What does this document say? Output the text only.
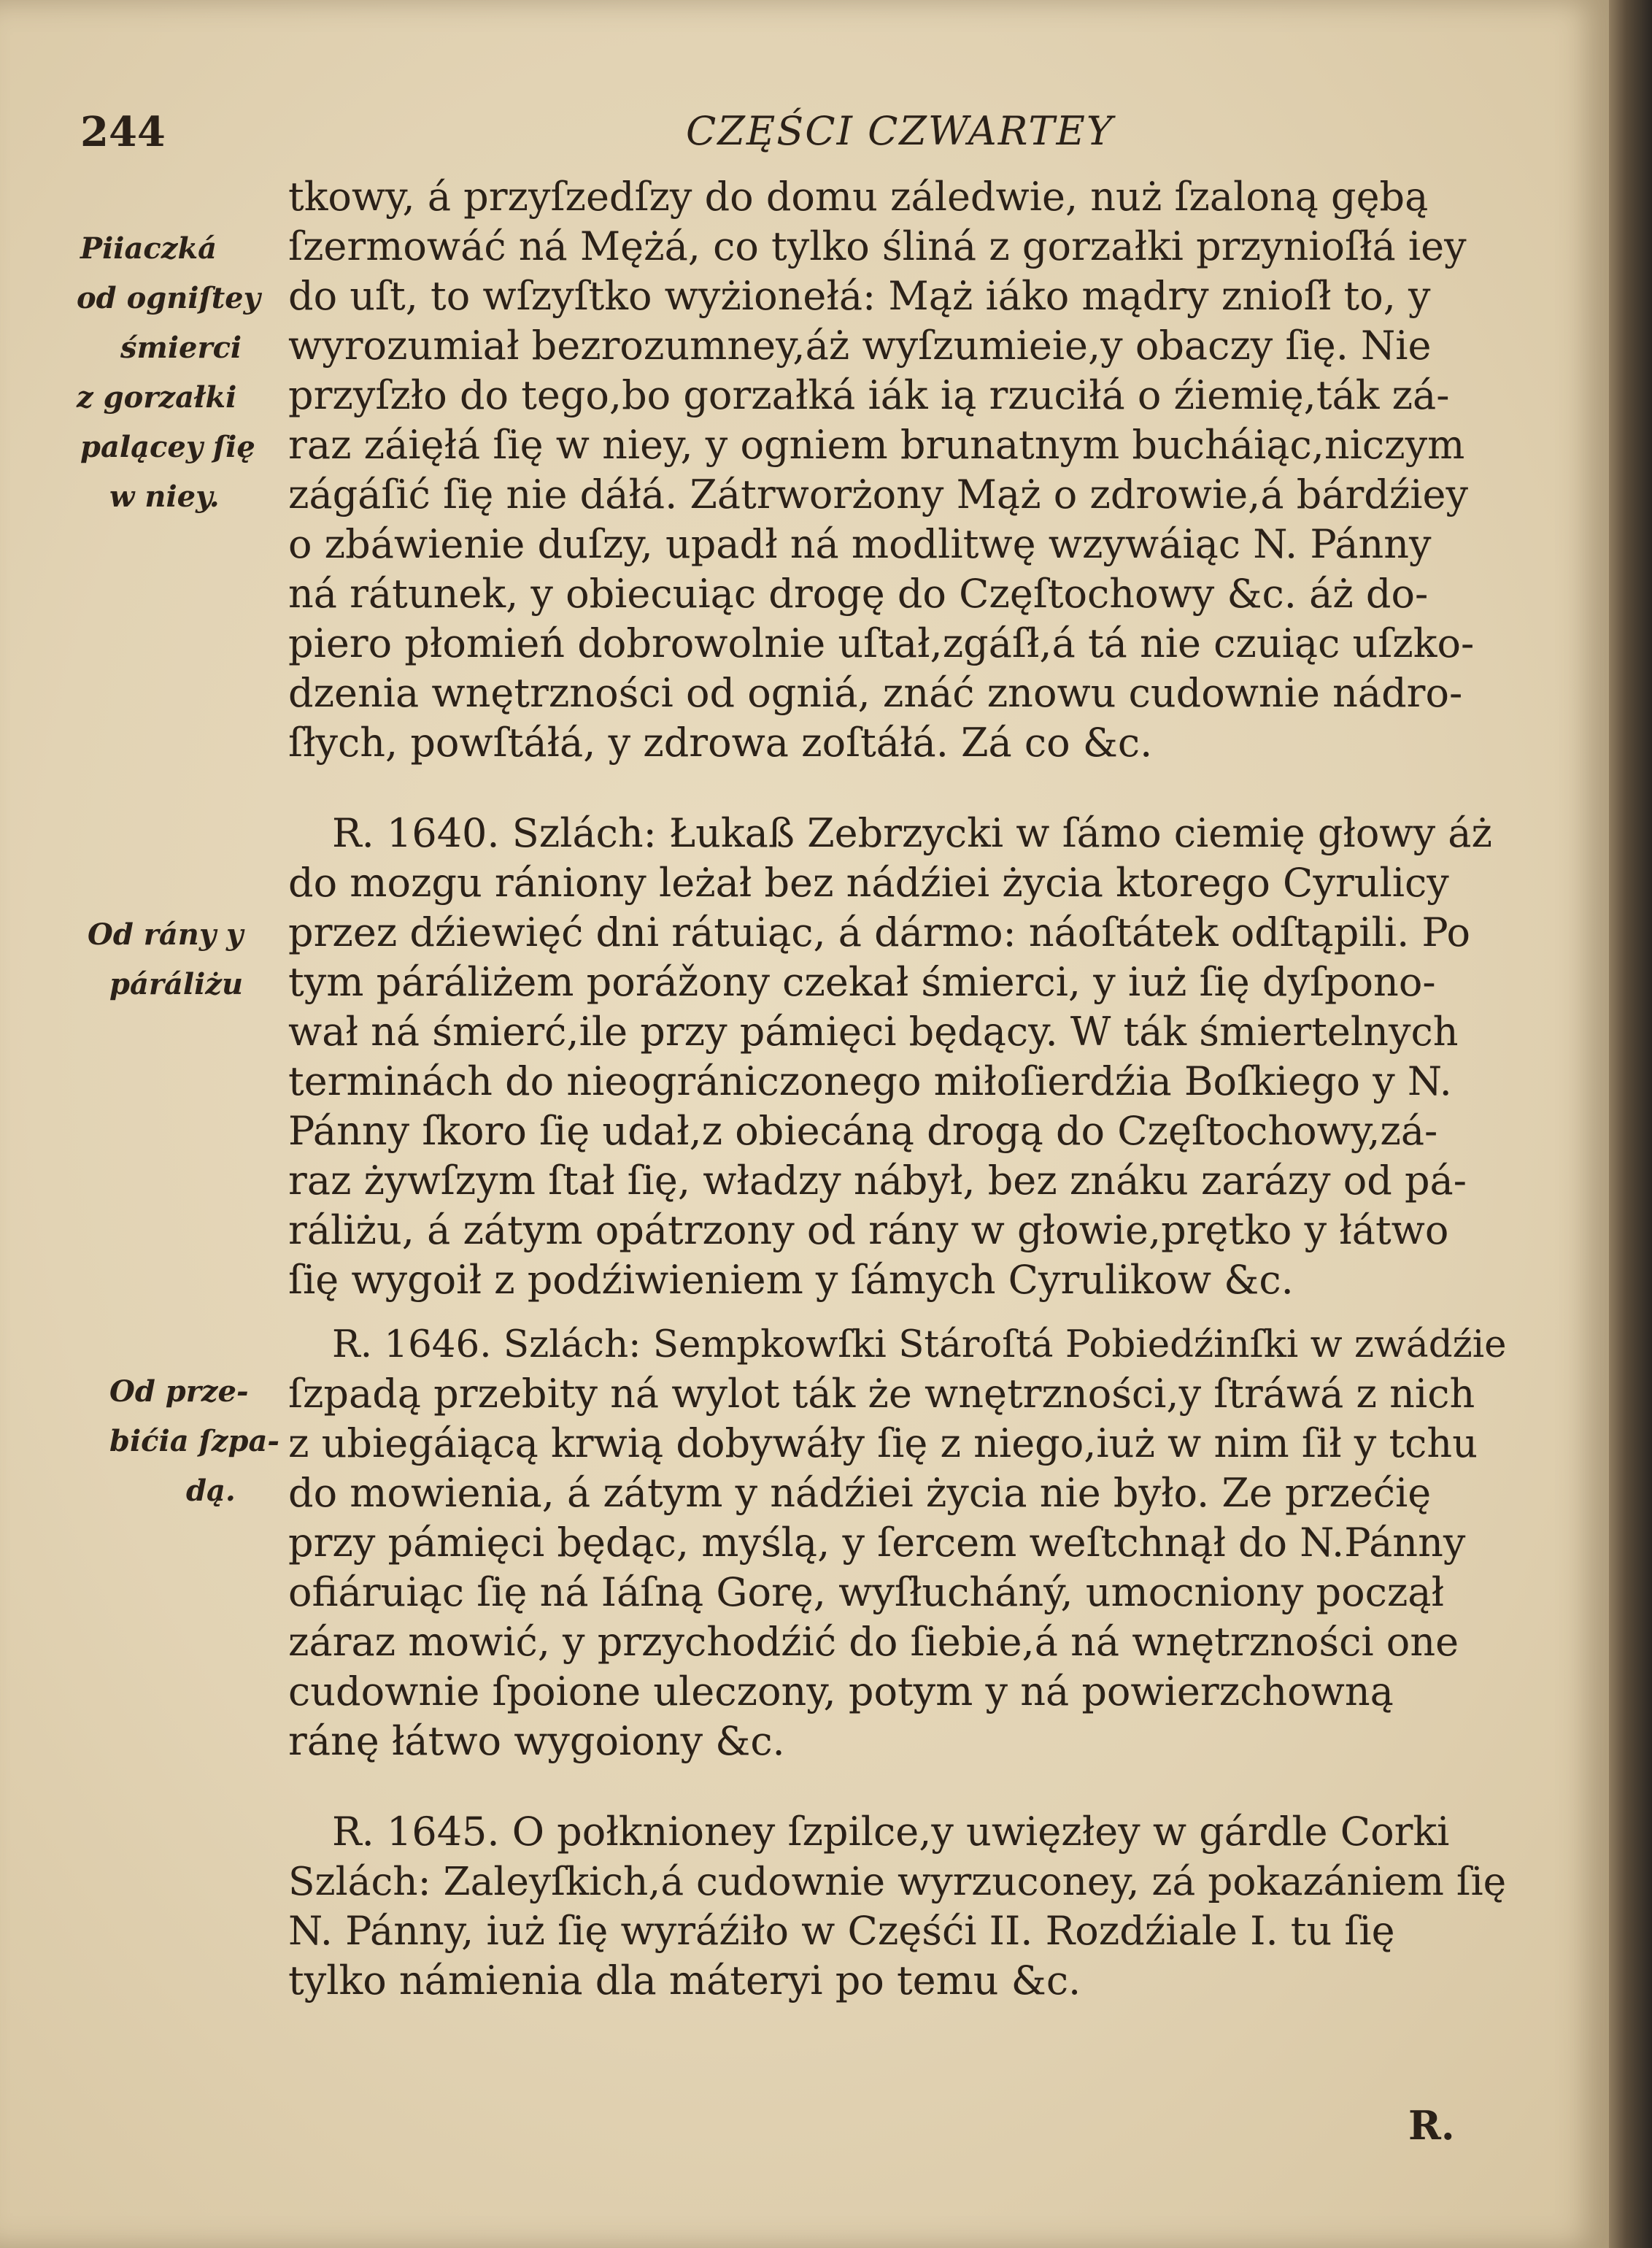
244	CZĘŚCI CZWARTEY
tkowy, á przyſzedſzy do domu záledwie, nuż ſzaloną gębą
ſzermowáć ná Mężá, co tylko śliná z gorzałki przynioſłá iey
do uſt, to wſzyſtko wyżionełá: Mąż iáko mądry znioſł to, y
wyrozumiał bezrozumney,áż wyſzumieie,y obaczy ſię. Nie
przyſzło do tego,bo gorzałká iák ią rzuciłá o źiemię,ták zá-
raz záięłá ſię w niey, y ogniem brunatnym bucháiąc,niczym
zágáſić ſię nie dáłá. Zátrworżony Mąż o zdrowie,á bárdźiey
o zbáwienie duſzy, upadł ná modlitwę wzywáiąc N. Pánny
ná rátunek, y obiecuiąc drogę do Częſtochowy &c. áż do-
piero płomień dobrowolnie uſtał,zgáſł,á tá nie czuiąc uſzko-
dzenia wnętrzności od ogniá, znáć znowu cudownie nádro-
ſłych, powſtáłá, y zdrowa zoſtáłá. Zá co &c.
R. 1640. Szlách: Łukaß Zebrzycki w ſámo ciemię głowy áż
do mozgu rániony leżał bez nádźiei życia ktorego Cyrulicy
przez dźiewięć dni rátuiąc, á dármo: náoſtátek odſtąpili. Po
tym páráliżem porážony czekał śmierci, y iuż ſię dyſpono-
wał ná śmierć,ile przy pámięci będący. W ták śmiertelnych
terminách do nieográniczonego miłoſierdźia Boſkiego y N.
Pánny ſkoro ſię udał,z obiecáną drogą do Częſtochowy,zá-
raz żywſzym ſtał ſię, władzy nábył, bez znáku zarázy od pá-
ráliżu, á zátym opátrzony od rány w głowie,prętko y łátwo
ſię wygoił z podźiwieniem y ſámych Cyrulikow &c.
R. 1646. Szlách: Sempkowſki Stároſtá Pobiedźinſki w zwádźie
ſzpadą przebity ná wylot ták że wnętrzności,y ſtráwá z nich
z ubiegáiącą krwią dobywáły ſię z niego,iuż w nim ſił y tchu
do mowienia, á zátym y nádźiei życia nie było. Ze przećię
przy pámięci będąc, myślą, y ſercem weſtchnął do N.Pánny
ofiáruiąc ſię ná Iáſną Gorę, wyſłucháný, umocniony począł
záraz mowić, y przychodźić do ſiebie,á ná wnętrzności one
cudownie ſpoione uleczony, potym y ná powierzchowną
ránę łátwo wygoiony &c.
R. 1645. O połknioney ſzpilce,y uwięzłey w gárdle Corki
Szlách: Zaleyſkich,á cudownie wyrzuconey, zá pokazániem ſię
N. Pánny, iuż ſię wyráźiło w Częśći II. Rozdźiale I. tu ſię
tylko námienia dla máteryi po temu &c.
Piiaczká
od ogniſtey
śmierci
z gorzałki
palącey ſię
w niey.
Od rány y
páráliżu
Od prze-
bićia ſzpa-
dą.
R.
